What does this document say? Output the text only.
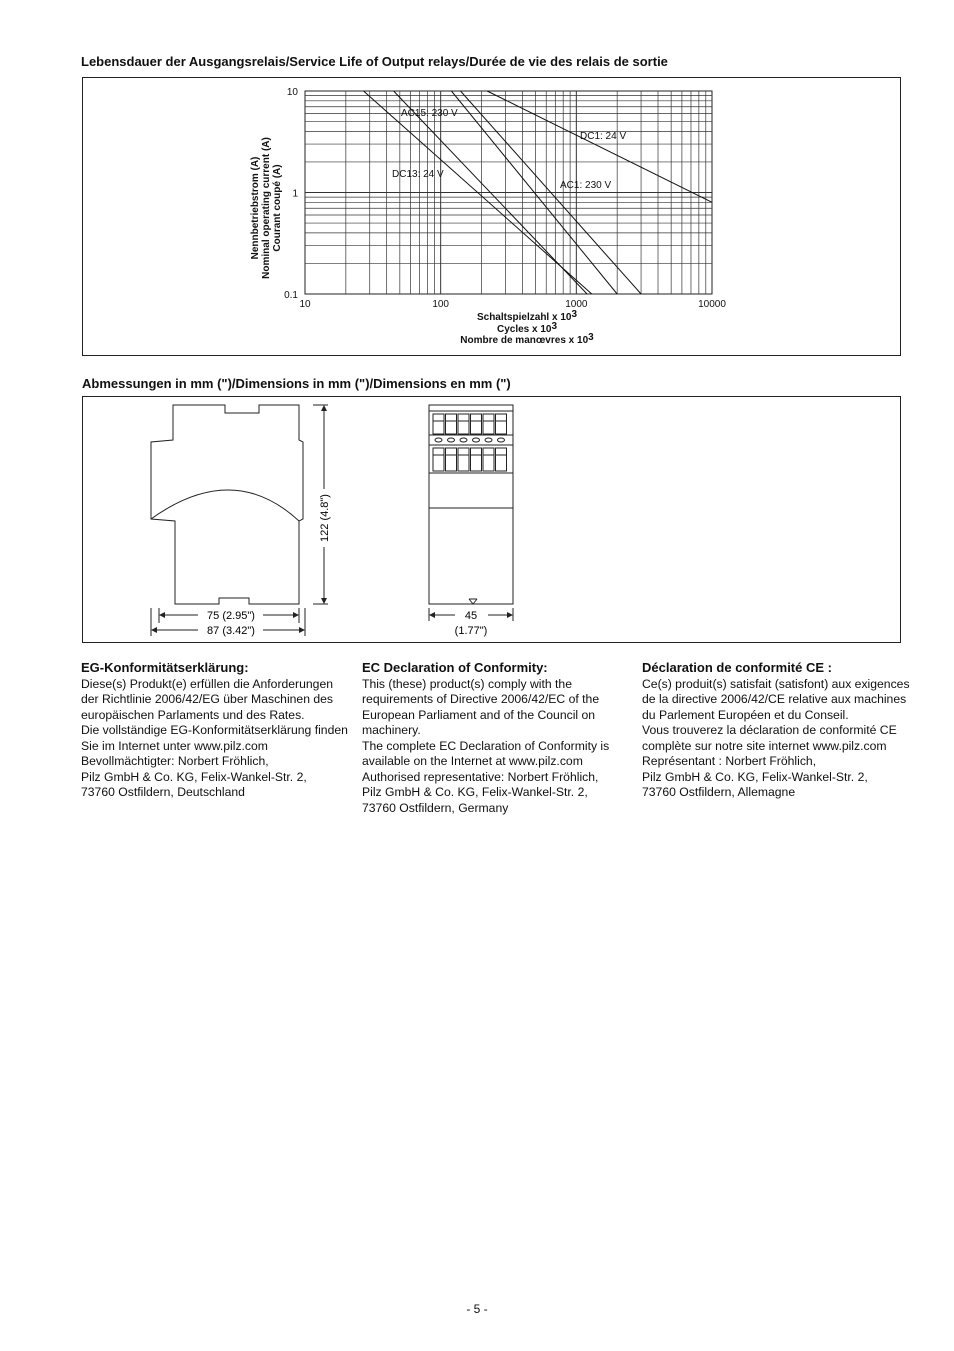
Lebensdauer der Ausgangsrelais/Service Life of Output relays/Durée de vie des relais de sortie
10	100	1000	10000
10
1
0.1
AC15: 230 V
DC13: 24 V
DC1: 24 V
AC1: 230 V
Schaltspielzahl x 103
Cycles x 103
Nombre de manœvres x 103
Nennbetriebstrom (A) Nominal operating current (A) Courant coupé (A)
Abmessungen in mm (")/Dimensions in mm (")/Dimensions en mm (")
122 (4.8")
75 (2.95")
87 (3.42")
45
(1.77")
EG-Konformitätserklärung:

Diese(s) Produkt(e) erfüllen die Anforderungen der Richtlinie 2006/42/EG über Maschinen des europäischen Parlaments und des Rates.

Die vollständige EG-Konformitätserklärung finden Sie im Internet unter www.pilz.com

Bevollmächtigter: Norbert Fröhlich,

Pilz GmbH & Co. KG, Felix-Wankel-Str. 2,

73760 Ostfildern, Deutschland

EC Declaration of Conformity:

This (these) product(s) comply with the requirements of Directive 2006/42/EC of the European Parliament and of the Council on machinery.

The complete EC Declaration of Conformity is available on the Internet at www.pilz.com

Authorised representative: Norbert Fröhlich,

Pilz GmbH & Co. KG, Felix-Wankel-Str. 2,

73760 Ostfildern, Germany

Déclaration de conformité CE :

Ce(s) produit(s) satisfait (satisfont) aux exigences de la directive 2006/42/CE relative aux machines du Parlement Européen et du Conseil.

Vous trouverez la déclaration de conformité CE complète sur notre site internet www.pilz.com

Représentant : Norbert Fröhlich,

Pilz GmbH & Co. KG, Felix-Wankel-Str. 2,

73760 Ostfildern, Allemagne

- 5 -
